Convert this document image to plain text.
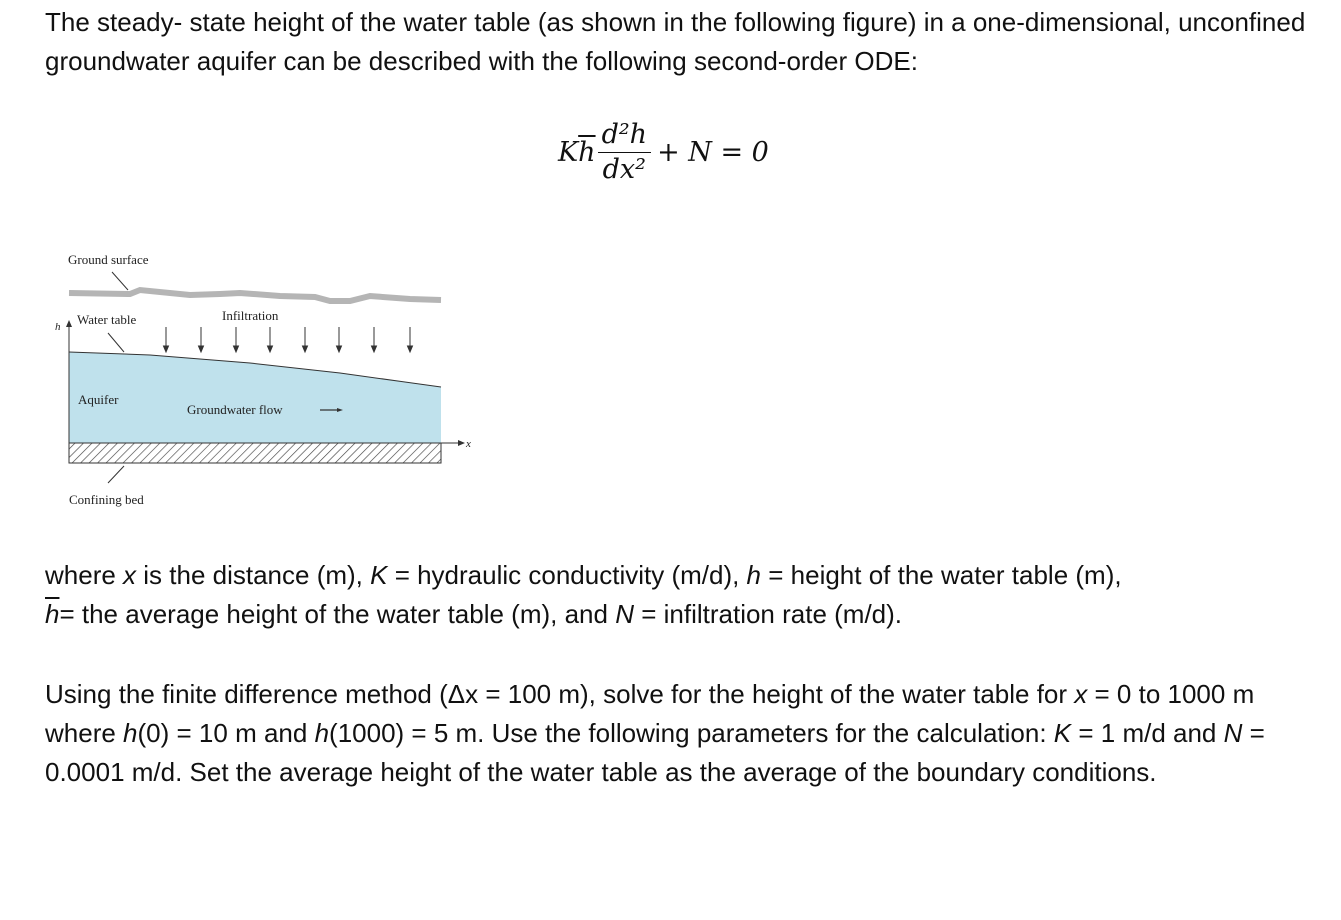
The steady- state height of the water table (as shown in the following figure) in a one-dimensional, unconfined groundwater aquifer can be described with the following second-order ODE:
K $\overline{h} \frac{\text{d²h}}{\text{dx²}} + N = 0$
Ground surface
Water table	Infiltration
Aquifer
Groundwater flow
Confining bed
h
x
where x is the distance (m), K = hydraulic conductivity (m/d), h = height of the water table (m),
$\overline{h}=$ the average height of the water table (m), and N = infiltration rate (m/d).
Using the finite difference method (Δx = 100 m), solve for the height of the water table for x = 0 to 1000 m where h(0) = 10 m and h(1000) = 5 m. Use the following parameters for the calculation: K = 1 m/d and N = 0.0001 m/d. Set the average height of the water table as the average of the boundary conditions.
